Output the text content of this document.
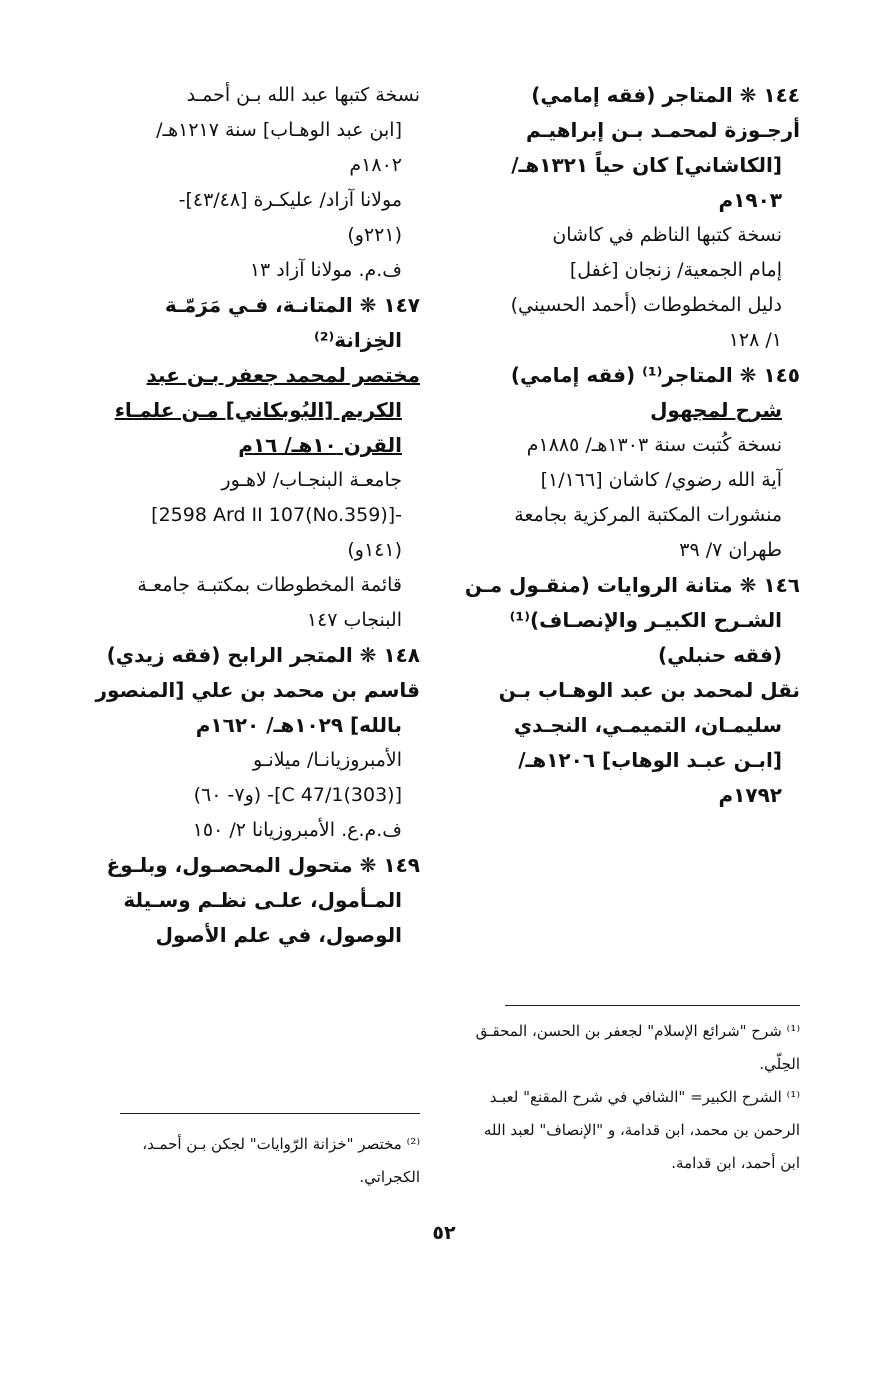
١٤٤ ❋ المتاجر (فقه إمامي)
أرجـوزة لمحمـد بـن إبراهيـم
[الكاشاني] كان حياً ١٣٢١هـ/
١٩٠٣م
نسخة كتبها الناظم في كاشان
إمام الجمعية/ زنجان [غفل]
دليل المخطوطات (أحمد الحسيني)
١/ ١٢٨
١٤٥ ❋ المتاجر⁽¹⁾ (فقه إمامي)
شرح لمجهول
نسخة كُتبت سنة ١٣٠٣هـ/ ١٨٨٥م
آية الله رضوي/ كاشان [١/١٦٦]
منشورات المكتبة المركزية بجامعة
طهران ٧/ ٣٩
١٤٦ ❋ متانة الروايات (منقـول مـن
الشـرح الكبيـر والإنصـاف)⁽¹⁾
(فقه حنبلي)
نقل لمحمد بن عبد الوهـاب بـن
سليمـان، التميمـي، النجـدي
[ابـن عبـد الوهاب] ١٢٠٦هـ/
١٧٩٢م
نسخة كتبها عبد الله بـن أحمـد
[ابن عبد الوهـاب] سنة ١٢١٧هـ/
١٨٠٢م
مولانا آزاد/ عليكـرة [٤٣/٤٨]-
(٢٢١و)
ف.م. مولانا آزاد ١٣
١٤٧ ❋ المتانـة، فـي مَرَمّـة
الخِزانة⁽²⁾
مختصر لمحمد جعفر بـن عبد
الكريم [البُوبكاني] مـن علمـاء
القرن ١٠هـ/ ١٦م
جامعـة البنجـاب/ لاهـور
-[(No.359)2598 Ard II 107]
(١٤١و)
قائمة المخطوطات بمكتبـة جامعـة
البنجاب ١٤٧
١٤٨ ❋ المتجر الرابح (فقه زيدي)
قاسم بن محمد بن علي [المنصور
بالله] ١٠٢٩هـ/ ١٦٢٠م
الأمبروزيانـا/ ميلانـو
[(303)C 47/1]- (و٧- ٦٠)
ف.م.ع. الأمبروزيانا ٢/ ١٥٠
١٤٩ ❋ متحول المحصـول، وبلـوغ
المـأمول، علـى نظـم وسـيلة
الوصول، في علم الأصول
⁽¹⁾ شرح "شرائع الإسلام" لجعفر بن الحسن، المحقـق
الحِلّي.
⁽¹⁾ الشرح الكبير= "الشافي في شرح المقنع" لعبـد
الرحمن بن محمد، ابن قدامة، و "الإنصاف" لعبد الله
ابن أحمد، ابن قدامة.
⁽²⁾ مختصر "خزانة الرّوايات" لجكن بـن أحمـد،
الكجراتي.
٥٢
